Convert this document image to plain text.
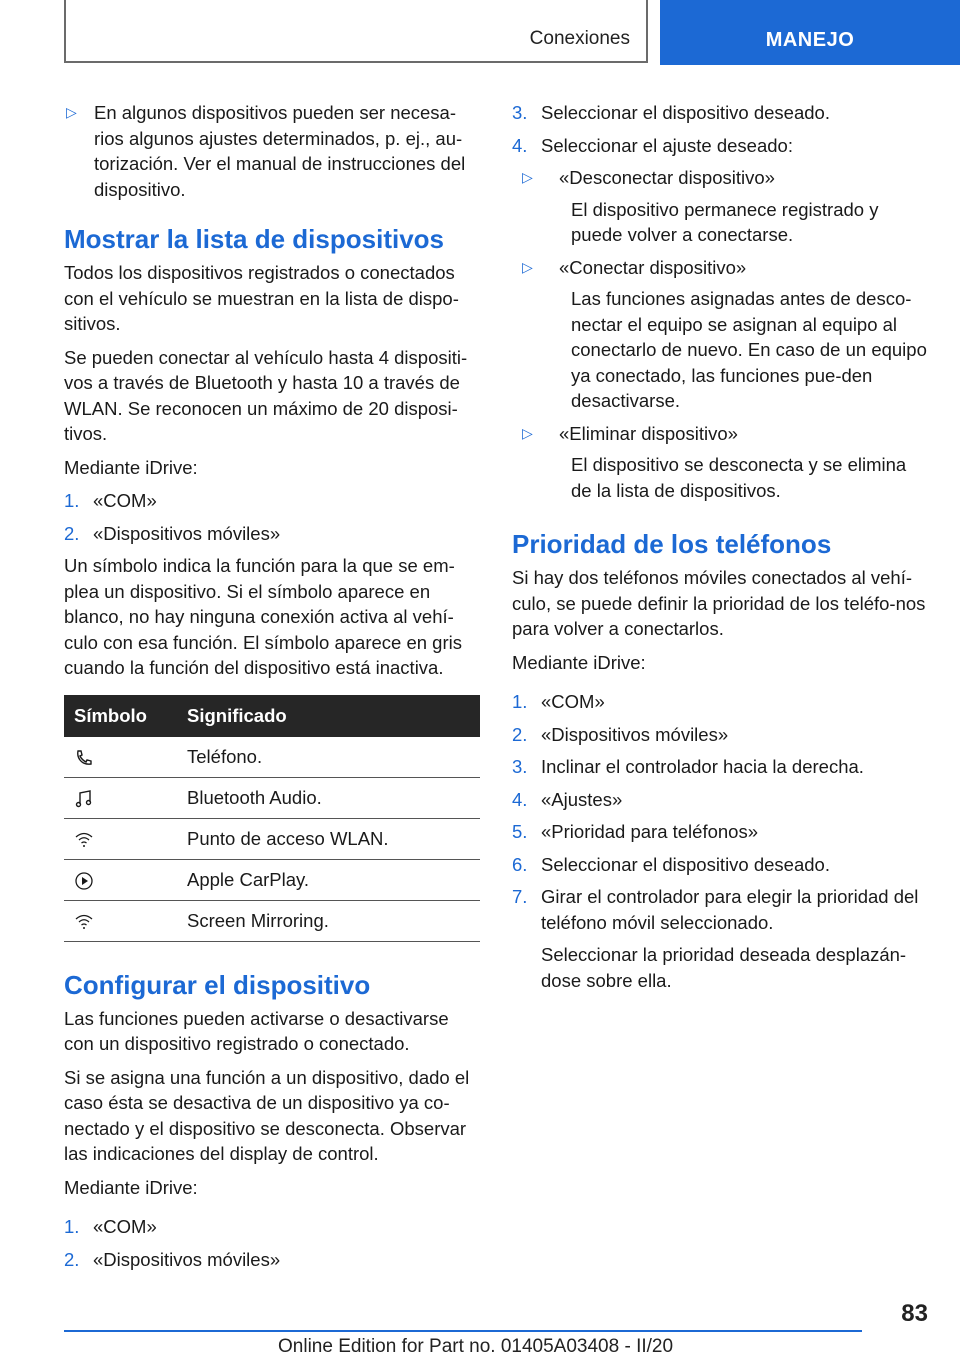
Conexiones	MANEJO
▷ En algunos dispositivos pueden ser necesa-rios algunos ajustes determinados, p. ej., au-torización. Ver el manual de instrucciones del dispositivo.
Mostrar la lista de dispositivos

Todos los dispositivos registrados o conectados con el vehículo se muestran en la lista de dispo-sitivos.

Se pueden conectar al vehículo hasta 4 dispositi-vos a través de Bluetooth y hasta 10 a través de WLAN. Se reconocen un máximo de 20 disposi-tivos.

Mediante iDrive:

1. «COM»
2. «Dispositivos móviles»

Un símbolo indica la función para la que se em-plea un dispositivo. Si el símbolo aparece en blanco, no hay ninguna conexión activa al vehí-culo con esa función. El símbolo aparece en gris cuando la función del dispositivo está inactiva.

Símbolo	Significado
	Teléfono.
	Bluetooth Audio.
	Punto de acceso WLAN.
	Apple CarPlay.
	Screen Mirroring.
Configurar el dispositivo

Las funciones pueden activarse o desactivarse con un dispositivo registrado o conectado.

Si se asigna una función a un dispositivo, dado el caso ésta se desactiva de un dispositivo ya co-nectado y el dispositivo se desconecta. Observar las indicaciones del display de control.

Mediante iDrive:

1. «COM»
2. «Dispositivos móviles»
3. Seleccionar el dispositivo deseado.
4. Seleccionar el ajuste deseado:
▷	«Desconectar dispositivo»
El dispositivo permanece registrado y puede volver a conectarse.
▷	«Conectar dispositivo»
Las funciones asignadas antes de desco-nectar el equipo se asignan al equipo al conectarlo de nuevo. En caso de un equipo ya conectado, las funciones pue-den desactivarse.
▷	«Eliminar dispositivo»
El dispositivo se desconecta y se elimina de la lista de dispositivos.
Prioridad de los teléfonos

Si hay dos teléfonos móviles conectados al vehí-culo, se puede definir la prioridad de los teléfo-nos para volver a conectarlos.

Mediante iDrive:

1. «COM»
2. «Dispositivos móviles»
3. Inclinar el controlador hacia la derecha.
4. «Ajustes»
5. «Prioridad para teléfonos»
6. Seleccionar el dispositivo deseado.
7. Girar el controlador para elegir la prioridad del teléfono móvil seleccionado.
Seleccionar la prioridad deseada desplazán-dose sobre ella.
83
Online Edition for Part no. 01405A03408 - II/20
